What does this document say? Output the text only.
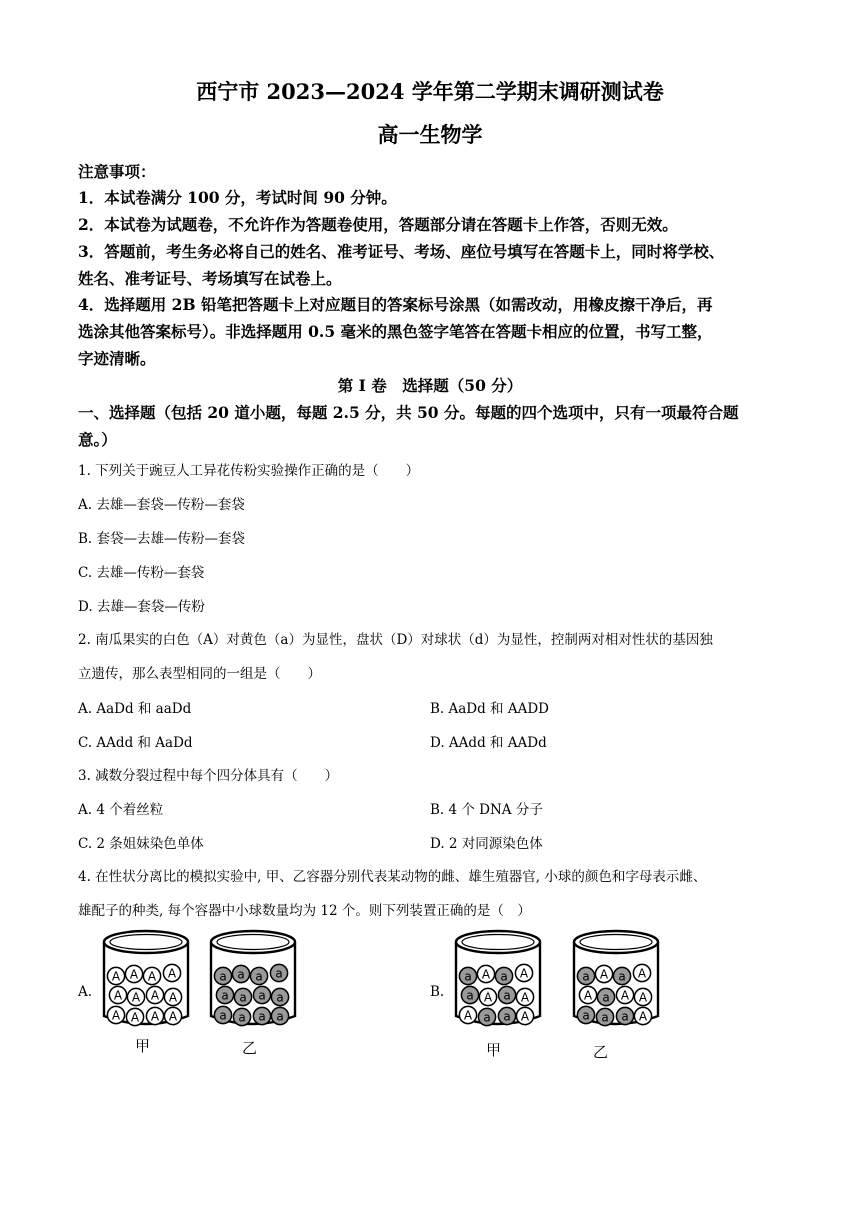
西宁市 2023—2024 学年第二学期末调研测试卷
高一生物学
注意事项：
1．本试卷满分 100 分，考试时间 90 分钟。
2．本试卷为试题卷，不允许作为答题卷使用，答题部分请在答题卡上作答，否则无效。
3．答题前，考生务必将自己的姓名、准考证号、考场、座位号填写在答题卡上，同时将学校、
姓名、准考证号、考场填写在试卷上。
4．选择题用 2B 铅笔把答题卡上对应题目的答案标号涂黑（如需改动，用橡皮擦干净后，再
选涂其他答案标号）。非选择题用 0.5 毫米的黑色签字笔答在答题卡相应的位置，书写工整，
字迹清晰。
第 I 卷　选择题（50 分）
一、选择题（包括 20 道小题，每题 2.5 分，共 50 分。每题的四个选项中，只有一项最符合题
意。）
1. 下列关于豌豆人工异花传粉实验操作正确的是（　　）
A. 去雄—套袋—传粉—套袋
B. 套袋—去雄—传粉—套袋
C. 去雄—传粉—套袋
D. 去雄—套袋—传粉
2. 南瓜果实的白色（A）对黄色（a）为显性，盘状（D）对球状（d）为显性，控制两对相对性状的基因独
立遗传，那么表型相同的一组是（　　）
A. AaDd 和 aaDd	B. AaDd 和 AADD
C. AAdd 和 AaDd	D. AAdd 和 AADd
3. 减数分裂过程中每个四分体具有（　　）
A. 4 个着丝粒	B. 4 个 DNA 分子
C. 2 条姐妹染色单体	D. 2 对同源染色体
4. 在性状分离比的模拟实验中, 甲、乙容器分别代表某动物的雌、雄生殖器官, 小球的颜色和字母表示雌、
雄配子的种类, 每个容器中小球数量均为 12 个。则下列装置正确的是（　）
A.	B.
A A A A
A A A A
A A A A
a a a a
a a a a
a a a a
a A a A
a A a A
A a a A
a A a A
A a A A
a a a A
甲	乙	甲	乙
